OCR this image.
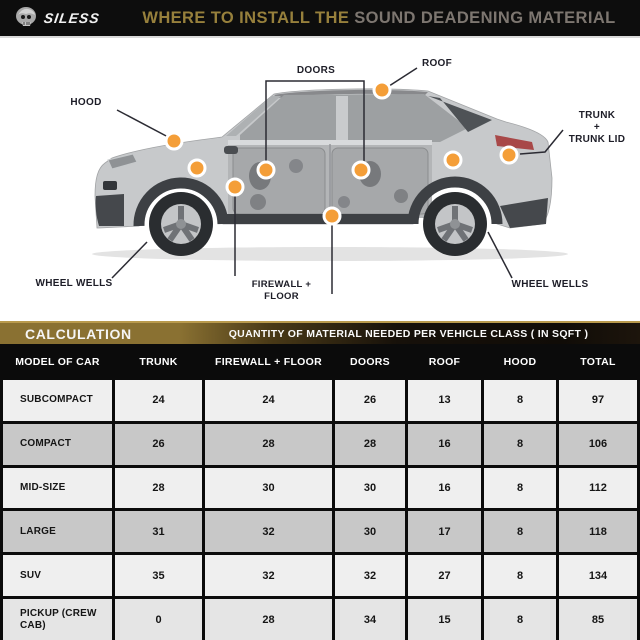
SILESS	WHERE TO INSTALL THE SOUND DEADENING MATERIAL
HOOD
DOORS
ROOF
TRUNK
+
TRUNK LID
WHEEL WELLS	WHEEL WELLS
FIREWALL + FLOOR
CALCULATION	QUANTITY OF MATERIAL NEEDED PER VEHICLE CLASS ( IN SQFT )
MODEL OF CAR	TRUNK	FIREWALL + FLOOR	DOORS	ROOF	HOOD	TOTAL
SUBCOMPACT	24	24	26	13	8	97
COMPACT	26	28	28	16	8	106
MID-SIZE	28	30	30	16	8	112
LARGE	31	32	30	17	8	118
SUV	35	32	32	27	8	134
PICKUP (CREW CAB)	0	28	34	15	8	85
